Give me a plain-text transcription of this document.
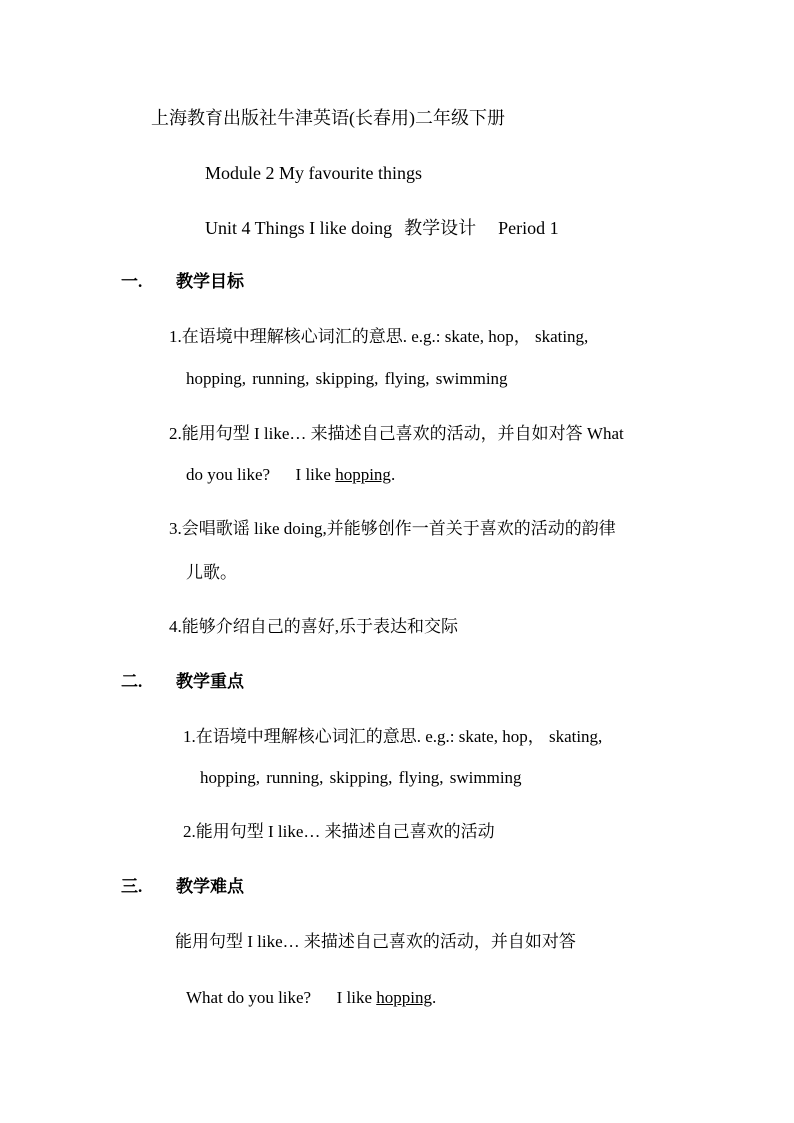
上海教育出版社牛津英语(长春用)二年级下册
Module 2 My favourite things
Unit 4 Things I like doing 教学设计 Period 1
一. 教学目标
1.在语境中理解核心词汇的意思. e.g.: skate, hop， skating,
hopping, running, skipping, flying, swimming
2.能用句型 I like… 来描述自己喜欢的活动，并自如对答 What
do you like?      I like hopping.
3.会唱歌谣 like doing,并能够创作一首关于喜欢的活动的韵律
儿歌。
4.能够介绍自己的喜好,乐于表达和交际
二. 教学重点
1.在语境中理解核心词汇的意思. e.g.: skate, hop， skating,
hopping, running, skipping, flying, swimming
2.能用句型 I like… 来描述自己喜欢的活动
三. 教学难点
能用句型 I like… 来描述自己喜欢的活动，并自如对答
What do you like?      I like hopping.
